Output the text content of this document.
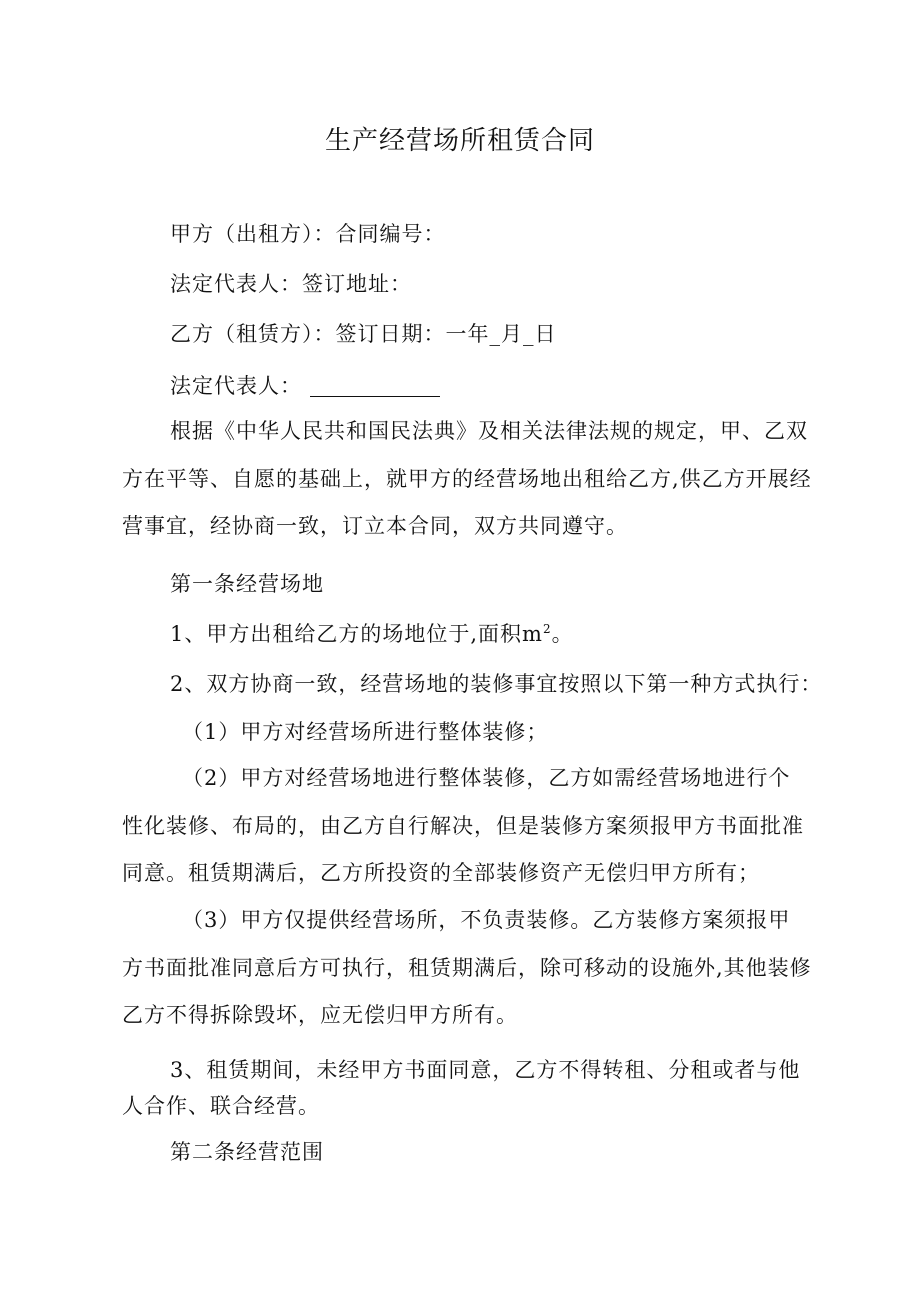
生产经营场所租赁合同
甲方（出租方）：合同编号：
法定代表人：签订地址：
乙方（租赁方）：签订日期：一年_月_日
法定代表人：
根据《中华人民共和国民法典》及相关法律法规的规定，甲、乙双方在平等、自愿的基础上，就甲方的经营场地出租给乙方,供乙方开展经营事宜，经协商一致，订立本合同，双方共同遵守。
第一条经营场地
1、甲方出租给乙方的场地位于,面积$m^2$。
2、双方协商一致，经营场地的装修事宜按照以下第一种方式执行：
（1）甲方对经营场所进行整体装修；
（2）甲方对经营场地进行整体装修，乙方如需经营场地进行个性化装修、布局的，由乙方自行解决，但是装修方案须报甲方书面批准同意。租赁期满后，乙方所投资的全部装修资产无偿归甲方所有；
（3）甲方仅提供经营场所，不负责装修。乙方装修方案须报甲方书面批准同意后方可执行，租赁期满后，除可移动的设施外,其他装修乙方不得拆除毁坏，应无偿归甲方所有。
3、租赁期间，未经甲方书面同意，乙方不得转租、分租或者与他人合作、联合经营。
第二条经营范围
